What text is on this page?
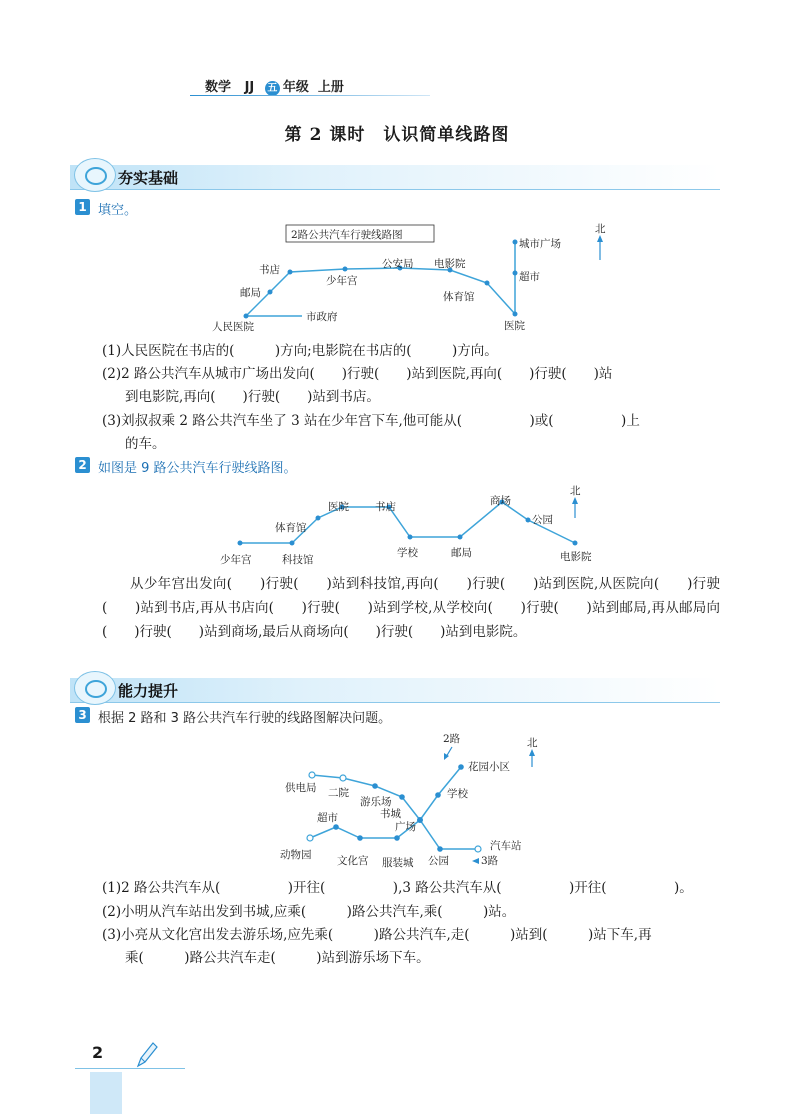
数学 JJ 五 年级 上册
第 2 课时　认识简单线路图
夯实基础
1 填空。
2路公共汽车行驶线路图
人民医院
邮局
书店
少年宫
公安局 电影院
体育馆
医院
超市
城市广场
市政府
北
(1)人民医院在书店的(　　　)方向;电影院在书店的(　　　)方向。
(2)2 路公共汽车从城市广场出发向(　　)行驶(　　)站到医院,再向(　　)行驶(　　)站
到电影院,再向(　　)行驶(　　)站到书店。
(3)刘叔叔乘 2 路公共汽车坐了 3 站在少年宫下车,他可能从(　　　　　)或(　　　　　)上
的车。
2 如图是 9 路公共汽车行驶线路图。
少年宫	科技馆
体育馆
医院 书店
学校	邮局
商场
公园
电影院
北
从少年宫出发向(　　)行驶(　　)站到科技馆,再向(　　)行驶(　　)站到医院,从医院向(　　)行驶(　　)站到书店,再从书店向(　　)行驶(　　)站到学校,从学校向(　　)行驶(　　)站到邮局,再从邮局向(　　)行驶(　　)站到商场,最后从商场向(　　)行驶(　　)站到电影院。
能力提升
3 根据 2 路和 3 路公共汽车行驶的线路图解决问题。
供电局 二院
游乐场
书城
广场
超市
动物园 文化宫 服装城 公园
汽车站
学校
花园小区
2路
3路
北
(1)2 路公共汽车从(　　　　　)开往(　　　　　),3 路公共汽车从(　　　　　)开往(　　　　　)。
(2)小明从汽车站出发到书城,应乘(　　　)路公共汽车,乘(　　　)站。
(3)小亮从文化宫出发去游乐场,应先乘(　　　)路公共汽车,走(　　　)站到(　　　)站下车,再
乘(　　　)路公共汽车走(　　　)站到游乐场下车。
2
